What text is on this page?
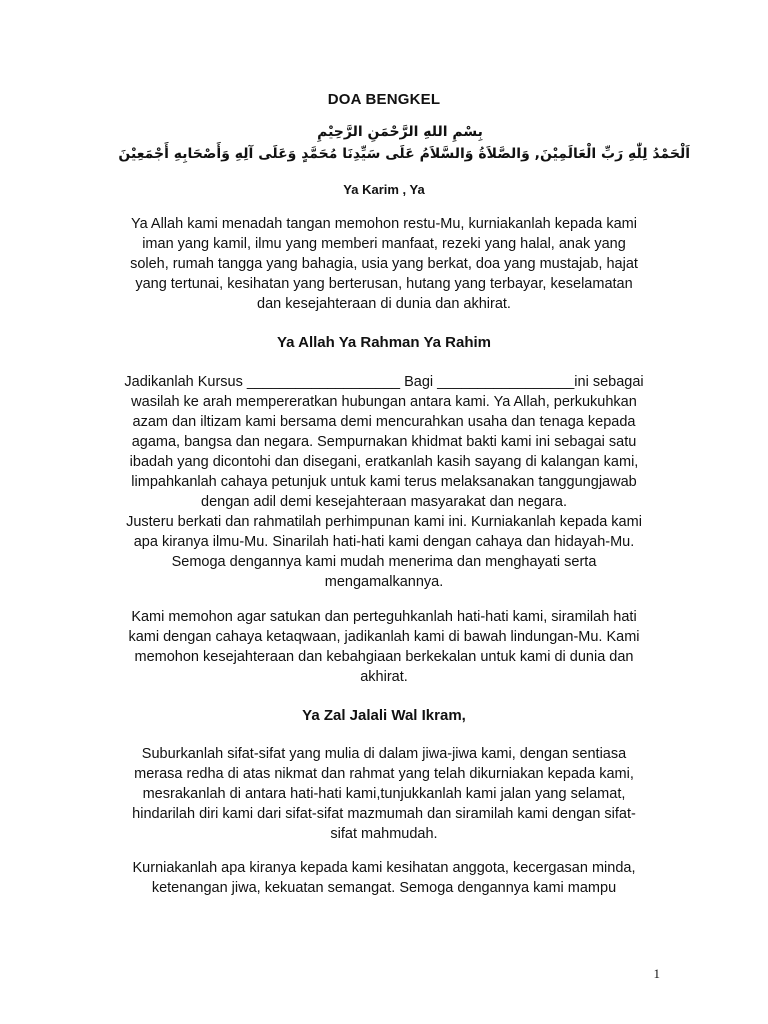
DOA BENGKEL
بِسْمِ اللهِ الرَّحْمَنِ الرَّحِيْمِ
اَلْحَمْدُ لِلّٰهِ رَبِّ الْعَالَمِيْنَ, وَالصَّلاَةُ وَالسَّلاَمُ عَلَى سَيِّدِنَا مُحَمَّدٍ وَعَلَى آلِهِ وَأَصْحَابِهِ أَجْمَعِيْنَ
Ya Karim , Ya
Ya Allah kami menadah tangan memohon restu-Mu, kurniakanlah kepada kami
iman yang kamil, ilmu yang memberi manfaat, rezeki yang halal, anak yang
soleh, rumah tangga yang bahagia, usia yang berkat, doa yang mustajab, hajat
yang tertunai, kesihatan yang berterusan, hutang yang terbayar, keselamatan
dan kesejahteraan di dunia dan akhirat.
Ya Allah Ya Rahman Ya Rahim
Jadikanlah Kursus ___________________ Bagi _________________ini sebagai
wasilah ke arah mempereratkan hubungan antara kami. Ya Allah, perkukuhkan
azam dan iltizam kami bersama demi mencurahkan usaha dan tenaga kepada
agama, bangsa dan negara. Sempurnakan khidmat bakti kami ini sebagai satu
ibadah yang dicontohi dan disegani, eratkanlah kasih sayang di kalangan kami,
limpahkanlah cahaya petunjuk untuk kami terus melaksanakan tanggungjawab
dengan adil demi kesejahteraan masyarakat dan negara.
Justeru berkati dan rahmatilah perhimpunan kami ini. Kurniakanlah kepada kami
apa kiranya ilmu-Mu. Sinarilah hati-hati kami dengan cahaya dan hidayah-Mu.
Semoga dengannya kami mudah menerima dan menghayati serta
mengamalkannya.
Kami memohon agar satukan dan perteguhkanlah hati-hati kami, siramilah hati
kami dengan cahaya ketaqwaan, jadikanlah kami di bawah lindungan-Mu. Kami
memohon kesejahteraan dan kebahgiaan berkekalan untuk kami di dunia dan
akhirat.
Ya Zal Jalali Wal Ikram,
Suburkanlah sifat-sifat yang mulia di dalam jiwa-jiwa kami, dengan sentiasa
merasa redha di atas nikmat dan rahmat yang telah dikurniakan kepada kami,
mesrakanlah di antara hati-hati kami,tunjukkanlah kami jalan yang selamat,
hindarilah diri kami dari sifat-sifat mazmumah dan siramilah kami dengan sifat-
sifat mahmudah.
Kurniakanlah apa kiranya kepada kami kesihatan anggota, kecergasan minda,
ketenangan jiwa, kekuatan semangat. Semoga dengannya kami mampu
1
